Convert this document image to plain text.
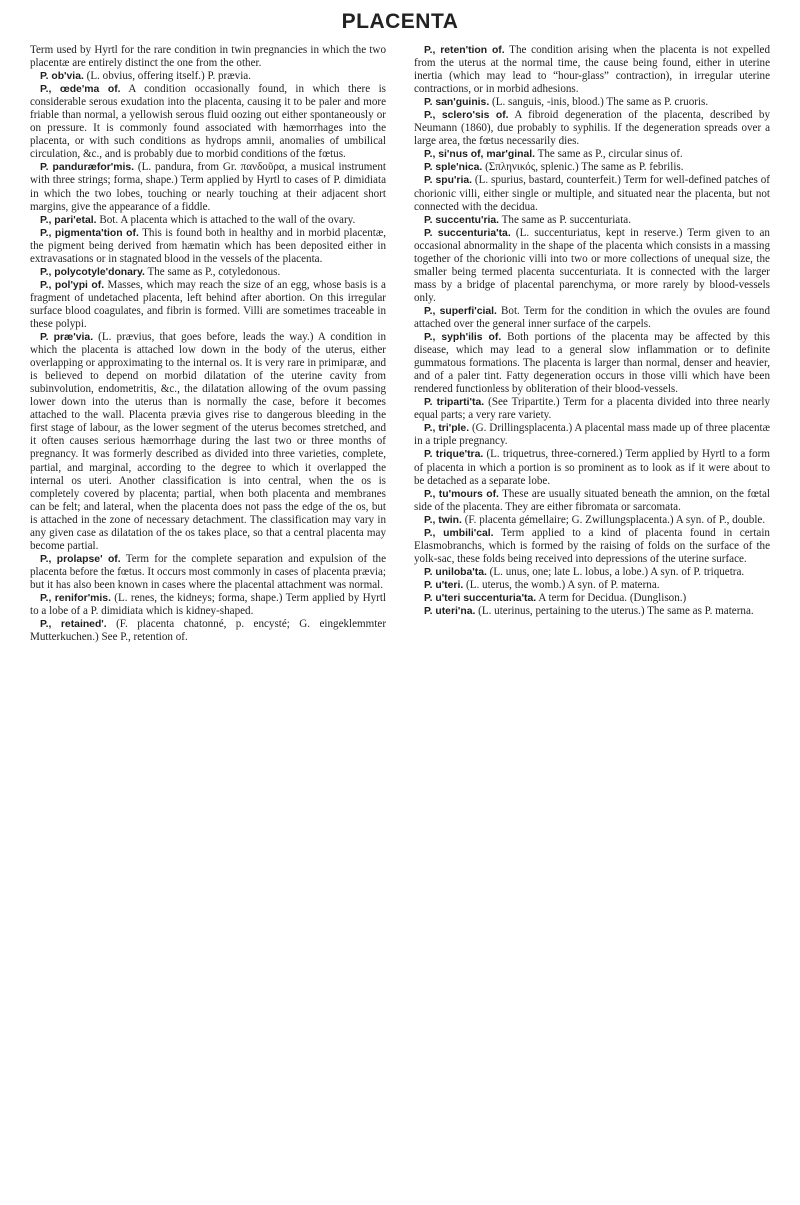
PLACENTA

Term used by Hyrtl for the rare condition in twin pregnancies in which the two placentæ are entirely distinct the one from the other.

P. ob'via. (L. obvius, offering itself.) P. prævia.

P., œde'ma of. A condition occasionally found, in which there is considerable serous exudation into the placenta, causing it to be paler and more friable than normal, a yellowish serous fluid oozing out either spontaneously or on pressure. It is commonly found associated with hæmorrhages into the placenta, or with such conditions as hydrops amnii, anomalies of umbilical circulation, &c., and is probably due to morbid conditions of the fœtus.

P. panduræfor'mis. (L. pandura, from Gr. πανδοῦρα, a musical instrument with three strings; forma, shape.) Term applied by Hyrtl to cases of P. dimidiata in which the two lobes, touching or nearly touching at their adjacent short margins, give the appearance of a fiddle.

P., pari'etal. Bot. A placenta which is attached to the wall of the ovary.

P., pigmenta'tion of. This is found both in healthy and in morbid placentæ, the pigment being derived from hæmatin which has been deposited either in extravasations or in stagnated blood in the vessels of the placenta.

P., polycotyle'donary. The same as P., cotyledonous.

P., pol'ypi of. Masses, which may reach the size of an egg, whose basis is a fragment of undetached placenta, left behind after abortion. On this irregular surface blood coagulates, and fibrin is formed. Villi are sometimes traceable in these polypi.

P. præ'via. (L. prævius, that goes before, leads the way.) A condition in which the placenta is attached low down in the body of the uterus, either overlapping or approximating to the internal os. It is very rare in primiparæ, and is believed to depend on morbid dilatation of the uterine cavity from subinvolution, endometritis, &c., the dilatation allowing of the ovum passing lower down into the uterus than is normally the case, before it becomes attached to the wall. Placenta prævia gives rise to dangerous bleeding in the first stage of labour, as the lower segment of the uterus becomes stretched, and it often causes serious hæmorrhage during the last two or three months of pregnancy. It was formerly described as divided into three varieties, complete, partial, and marginal, according to the degree to which it overlapped the internal os uteri. Another classification is into central, when the os is completely covered by placenta; partial, when both placenta and membranes can be felt; and lateral, when the placenta does not pass the edge of the os, but is attached in the zone of necessary detachment. The classification may vary in any given case as dilatation of the os takes place, so that a central placenta may become partial.

P., prolapse' of. Term for the complete separation and expulsion of the placenta before the fœtus. It occurs most commonly in cases of placenta prævia; but it has also been known in cases where the placental attachment was normal.

P., renifor'mis. (L. renes, the kidneys; forma, shape.) Term applied by Hyrtl to a lobe of a P. dimidiata which is kidney-shaped.

P., retained'. (F. placenta chatonné, p. encysté; G. eingeklemmter Mutterkuchen.) See P., retention of.

P., reten'tion of. The condition arising when the placenta is not expelled from the uterus at the normal time, the cause being found, either in uterine inertia (which may lead to “hour-glass” contraction), in irregular uterine contractions, or in morbid adhesions.

P. san'guinis. (L. sanguis, -inis, blood.) The same as P. cruoris.

P., sclero'sis of. A fibroid degeneration of the placenta, described by Neumann (1860), due probably to syphilis. If the degeneration spreads over a large area, the fœtus necessarily dies.

P., si'nus of, mar'ginal. The same as P., circular sinus of.

P. sple'nica. (Σπληνικός, splenic.) The same as P. febrilis.

P. spu'ria. (L. spurius, bastard, counterfeit.) Term for well-defined patches of chorionic villi, either single or multiple, and situated near the placenta, but not connected with the decidua.

P. succentu'ria. The same as P. succenturiata.

P. succenturia'ta. (L. succenturiatus, kept in reserve.) Term given to an occasional abnormality in the shape of the placenta which consists in a massing together of the chorionic villi into two or more collections of unequal size, the smaller being termed placenta succenturiata. It is connected with the larger mass by a bridge of placental parenchyma, or more rarely by blood-vessels only.

P., superfi'cial. Bot. Term for the condition in which the ovules are found attached over the general inner surface of the carpels.

P., syph'ilis of. Both portions of the placenta may be affected by this disease, which may lead to a general slow inflammation or to definite gummatous formations. The placenta is larger than normal, denser and heavier, and of a paler tint. Fatty degeneration occurs in those villi which have been rendered functionless by obliteration of their blood-vessels.

P. triparti'ta. (See Tripartite.) Term for a placenta divided into three nearly equal parts; a very rare variety.

P., tri'ple. (G. Drillingsplacenta.) A placental mass made up of three placentæ in a triple pregnancy.

P. trique'tra. (L. triquetrus, three-cornered.) Term applied by Hyrtl to a form of placenta in which a portion is so prominent as to look as if it were about to be detached as a separate lobe.

P., tu'mours of. These are usually situated beneath the amnion, on the fœtal side of the placenta. They are either fibromata or sarcomata.

P., twin. (F. placenta gémellaire; G. Zwillungsplacenta.) A syn. of P., double.

P., umbili'cal. Term applied to a kind of placenta found in certain Elasmobranchs, which is formed by the raising of folds on the surface of the yolk-sac, these folds being received into depressions of the uterine surface.

P. uniloba'ta. (L. unus, one; late L. lobus, a lobe.) A syn. of P. triquetra.

P. u'teri. (L. uterus, the womb.) A syn. of P. materna.

P. u'teri succenturia'ta. A term for Decidua. (Dunglison.)

P. uteri'na. (L. uterinus, pertaining to the uterus.) The same as P. materna.
